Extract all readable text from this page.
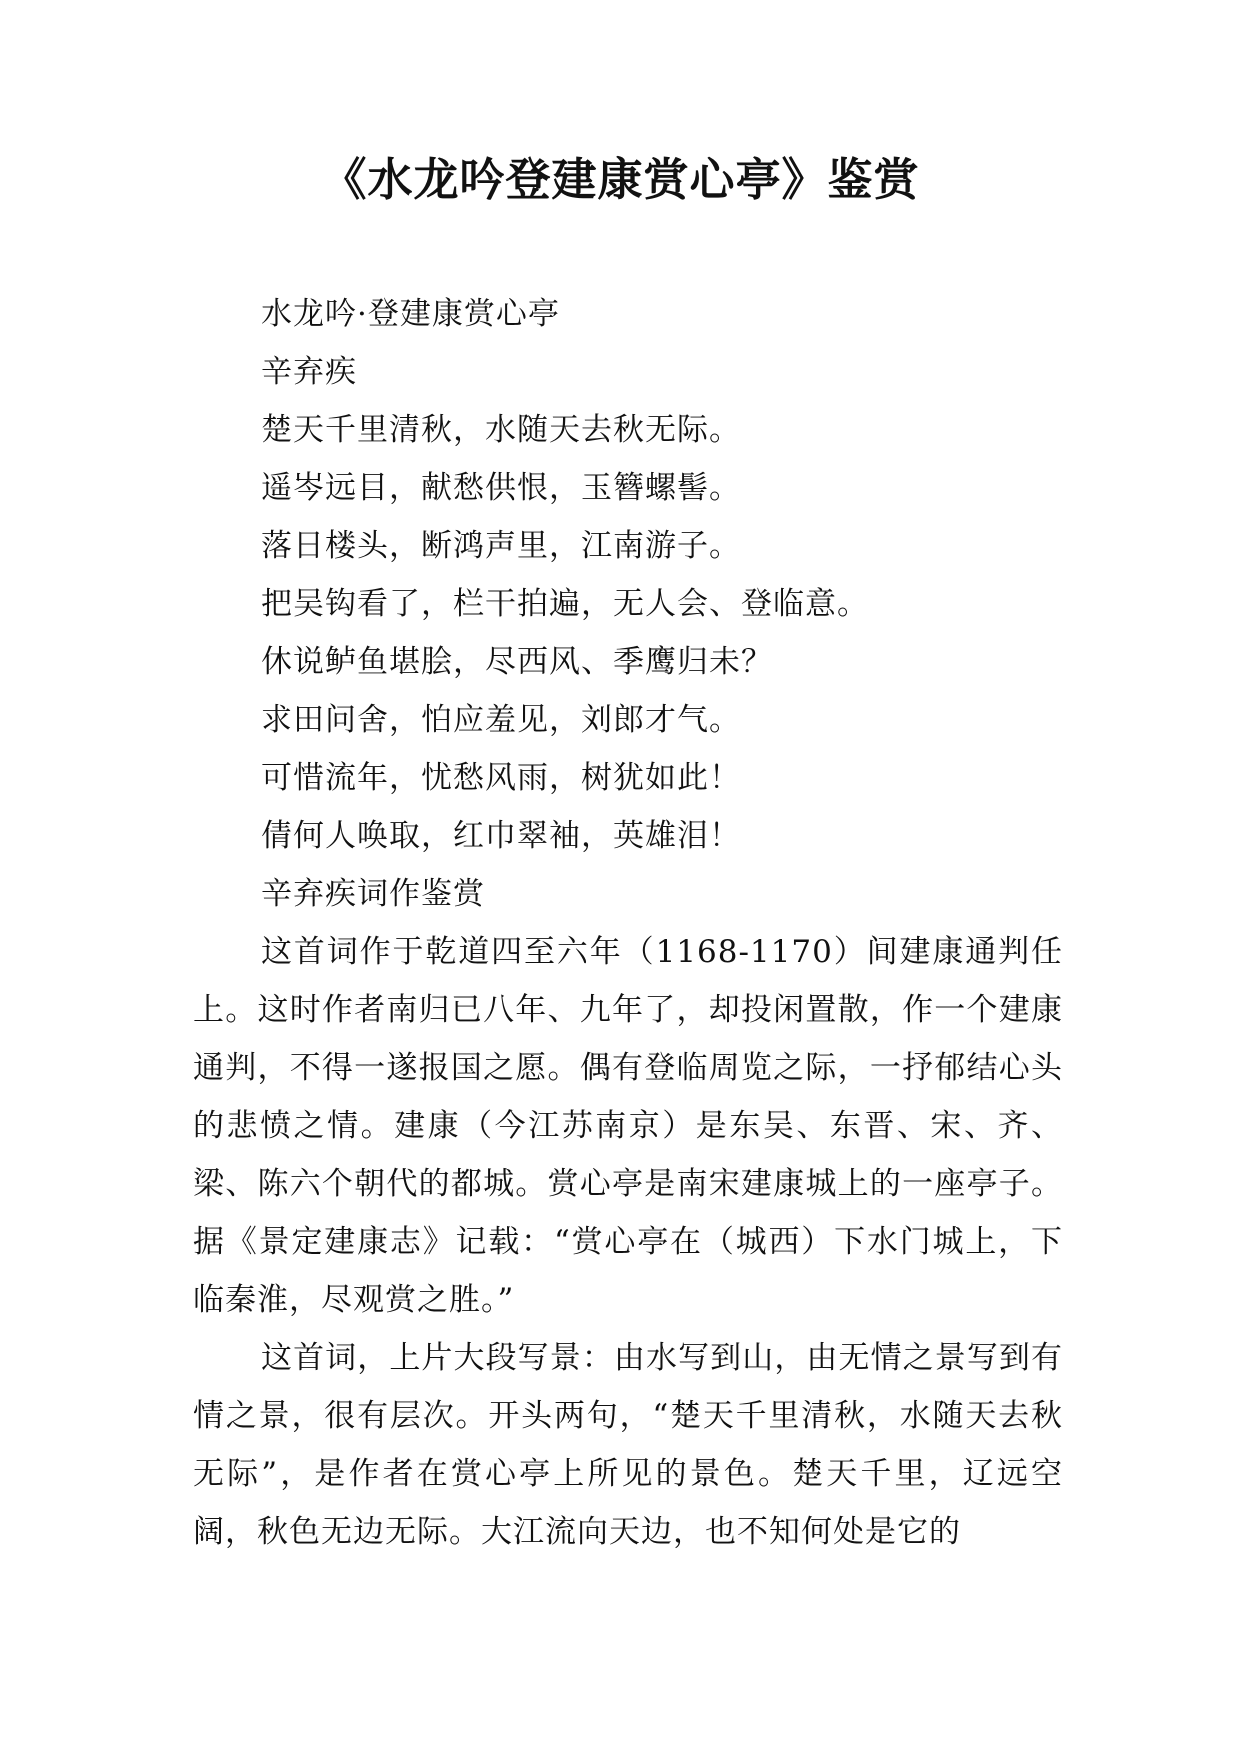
《水龙吟登建康赏心亭》鉴赏

水龙吟·登建康赏心亭

辛弃疾

楚天千里清秋，水随天去秋无际。

遥岑远目，献愁供恨，玉簪螺髻。

落日楼头，断鸿声里，江南游子。

把吴钩看了，栏干拍遍，无人会、登临意。

休说鲈鱼堪脍，尽西风、季鹰归未？

求田问舍，怕应羞见，刘郎才气。

可惜流年，忧愁风雨，树犹如此！

倩何人唤取，红巾翠袖，英雄泪！

辛弃疾词作鉴赏

这首词作于乾道四至六年（1168-1170）间建康通判任上。这时作者南归已八年、九年了，却投闲置散，作一个建康通判，不得一遂报国之愿。偶有登临周览之际，一抒郁结心头的悲愤之情。建康（今江苏南京）是东吴、东晋、宋、齐、梁、陈六个朝代的都城。赏心亭是南宋建康城上的一座亭子。据《景定建康志》记载：“赏心亭在（城西）下水门城上，下临秦淮，尽观赏之胜。”

这首词，上片大段写景：由水写到山，由无情之景写到有情之景，很有层次。开头两句，“楚天千里清秋，水随天去秋无际”，是作者在赏心亭上所见的景色。楚天千里，辽远空阔，秋色无边无际。大江流向天边，也不知何处是它的
